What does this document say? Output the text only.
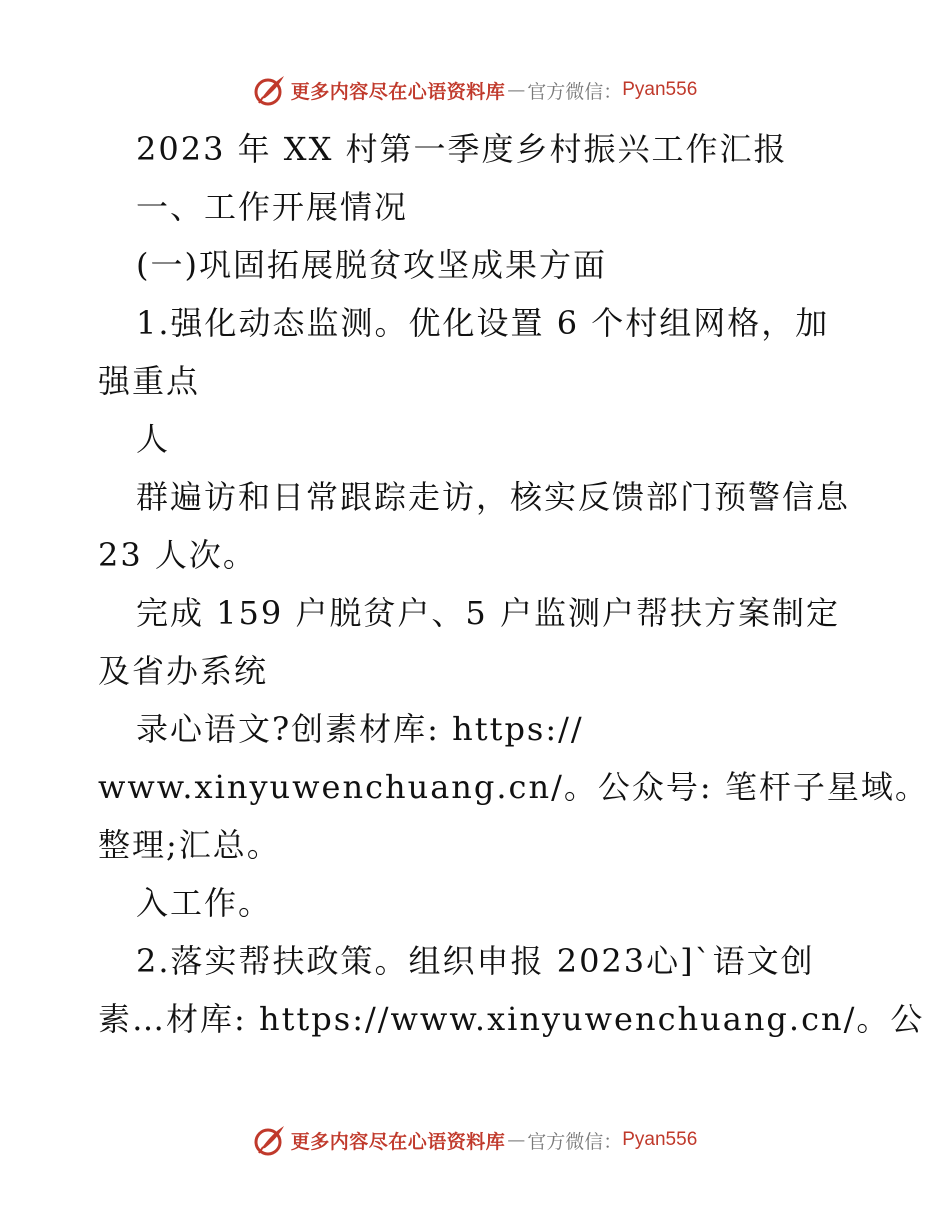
更多内容尽在心语资料库 — 官方微信： Pyan556
2023 年 XX 村第一季度乡村振兴工作汇报
一、工作开展情况
(一)巩固拓展脱贫攻坚成果方面
1.强化动态监测。优化设置 6 个村组网格，加
强重点
人
群遍访和日常跟踪走访，核实反馈部门预警信息
23 人次。
完成 159 户脱贫户、5 户监测户帮扶方案制定
及省办系统
录心语文?创素材库: https://
www.xinyuwenchuang.cn/。公众号: 笔杆子星域。
整理;汇总。
入工作。
2.落实帮扶政策。组织申报 2023心]`语文创
素…材库: https://www.xinyuwenchuang.cn/。公
更多内容尽在心语资料库 — 官方微信： Pyan556
